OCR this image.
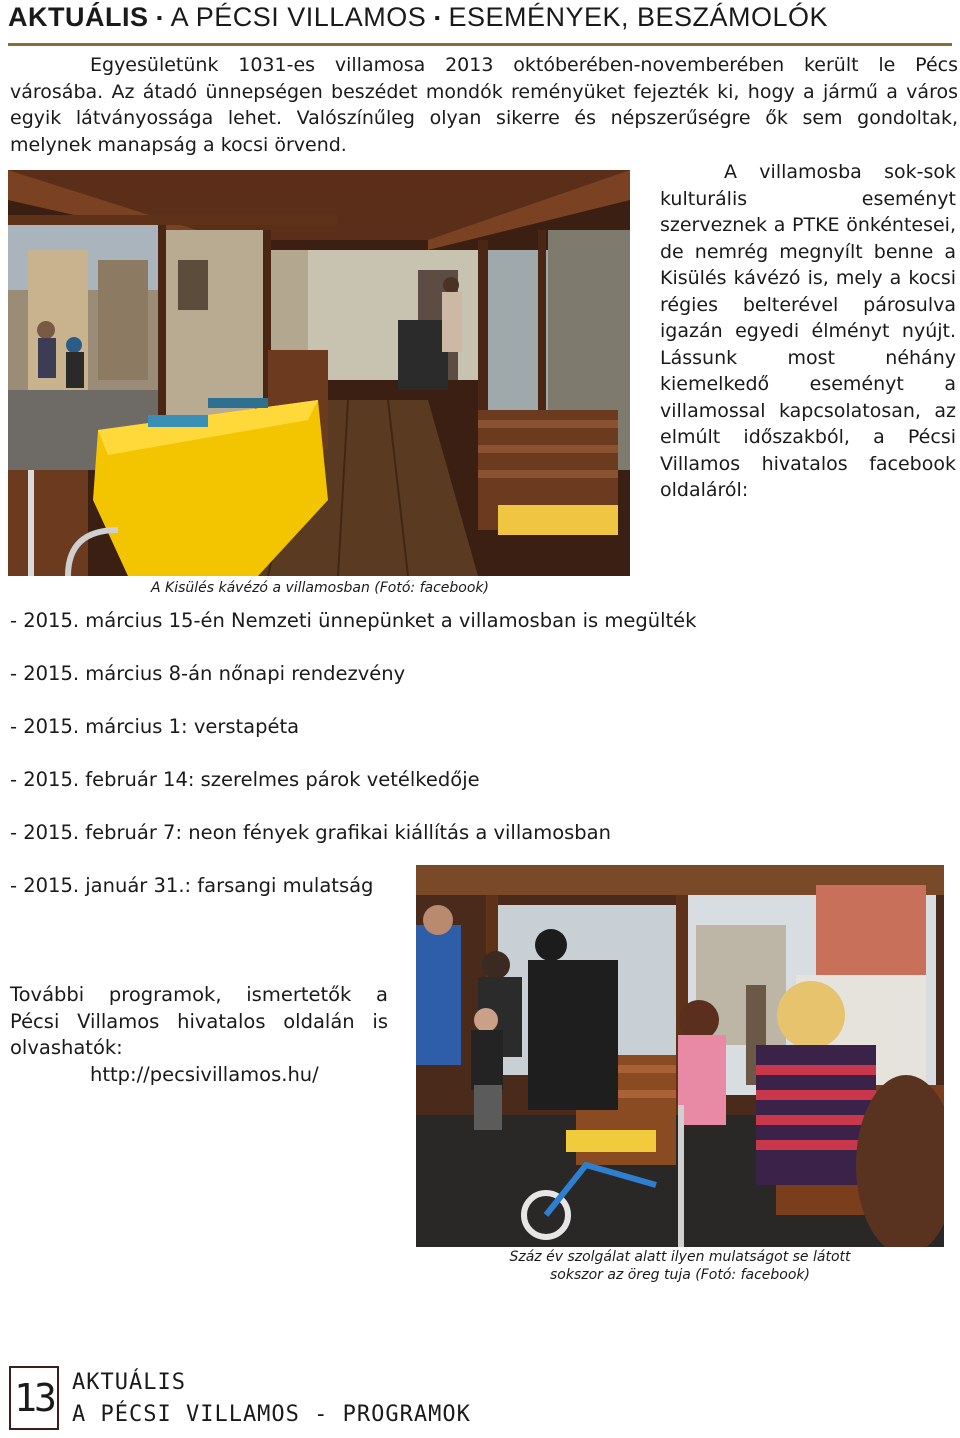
AKTUÁLIS ▪ A PÉCSI VILLAMOS ▪ ESEMÉNYEK, BESZÁMOLÓK

Egyesületünk 1031-es villamosa 2013 októberében-novemberében került le Pécs városába. Az átadó ünnepségen beszédet mondók reményüket fejezték ki, hogy a jármű a város egyik látványossága lehet. Valószínűleg olyan sikerre és népszerűségre ők sem gondoltak, melynek manapság a kocsi örvend.

A villamosba sok-sok kulturális eseményt szerveznek a PTKE önkéntesei, de nemrég megnyílt benne a Kisülés kávézó is, mely a kocsi régies belterével párosulva igazán egyedi élményt nyújt. Lássunk most néhány kiemelkedő eseményt a villamossal kapcsolatosan, az elmúlt időszakból, a Pécsi Villamos hivatalos facebook oldaláról:

A Kisülés kávézó a villamosban (Fotó: facebook)
- 2015. március 15-én Nemzeti ünnepünket a villamosban is megülték
- 2015. március 8-án nőnapi rendezvény
- 2015. március 1: verstapéta
- 2015. február 14: szerelmes párok vetélkedője
- 2015. február 7: neon fények grafikai kiállítás a villamosban
- 2015. január 31.: farsangi mulatság
További programok, ismertetők a Pécsi Villamos hivatalos oldalán is olvashatók:
http://pecsivillamos.hu/
Száz év szolgálat alatt ilyen mulatságot se látott
sokszor az öreg tuja (Fotó: facebook)
13 AKTUÁLIS
A PÉCSI VILLAMOS - PROGRAMOK
